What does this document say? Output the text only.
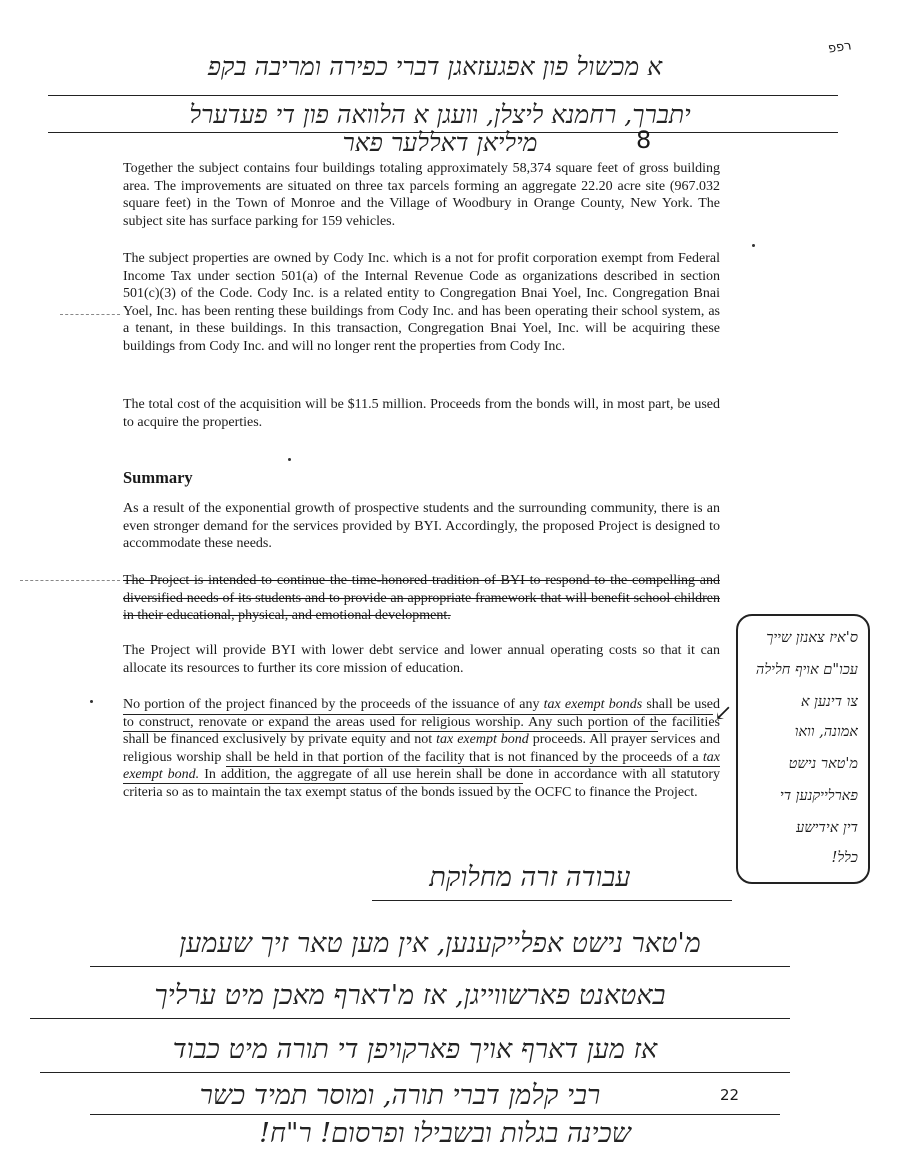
רפפ
א מכשול פון אפגעזאגן דברי כפירה ומריבה בקפ
יתברך, רחמנא ליצלן, וועגן א הלוואה פון די פעדערל
מיליאן דאללער פאר	8

Together the subject contains four buildings totaling approximately 58,374 square feet of gross building area. The improvements are situated on three tax parcels forming an aggregate 22.20 acre site (967.032 square feet) in the Town of Monroe and the Village of Woodbury in Orange County, New York. The subject site has surface parking for 159 vehicles.

The subject properties are owned by Cody Inc. which is a not for profit corporation exempt from Federal Income Tax under section 501(a) of the Internal Revenue Code as organizations described in section 501(c)(3) of the Code. Cody Inc. is a related entity to Congregation Bnai Yoel, Inc. Congregation Bnai Yoel, Inc. has been renting these buildings from Cody Inc. and has been operating their school system, as a tenant, in these buildings. In this transaction, Congregation Bnai Yoel, Inc. will be acquiring these buildings from Cody Inc. and will no longer rent the properties from Cody Inc.

The total cost of the acquisition will be $11.5 million. Proceeds from the bonds will, in most part, be used to acquire the properties.

Summary

As a result of the exponential growth of prospective students and the surrounding community, there is an even stronger demand for the services provided by BYI. Accordingly, the proposed Project is designed to accommodate these needs.

The Project is intended to continue the time-honored tradition of BYI to respond to the compelling and diversified needs of its students and to provide an appropriate framework that will benefit school children in their educational, physical, and emotional development.

The Project will provide BYI with lower debt service and lower annual operating costs so that it can allocate its resources to further its core mission of education.

No portion of the project financed by the proceeds of the issuance of any tax exempt bonds shall be used to construct, renovate or expand the areas used for religious worship. Any such portion of the facilities shall be financed exclusively by private equity and not tax exempt bond proceeds. All prayer services and religious worship shall be held in that portion of the facility that is not financed by the proceeds of a tax exempt bond. In addition, the aggregate of all use herein shall be done in accordance with all statutory criteria so as to maintain the tax exempt status of the bonds issued by the OCFC to finance the Project.

↙
ס'איז צאנזן שייך
עכו"ם אויף חלילה
צו דינען א
אמונה, וואו
מ'טאר נישט
פארלייקנען די
דין אידישע
כלל!
עבודה זרה מחלוקת
מ'טאר נישט אפלייקענען, אין מען טאר זיך שעמען
באטאנט פארשווייגן, אז מ'דארף מאכן מיט ערליך
אז מען דארף אויך פארקויפן די תורה מיט כבוד
רבי קלמן דברי תורה, ומוסר תמיד כשר	22
שכינה בגלות ובשבילו ופרסום! ר"ח!
